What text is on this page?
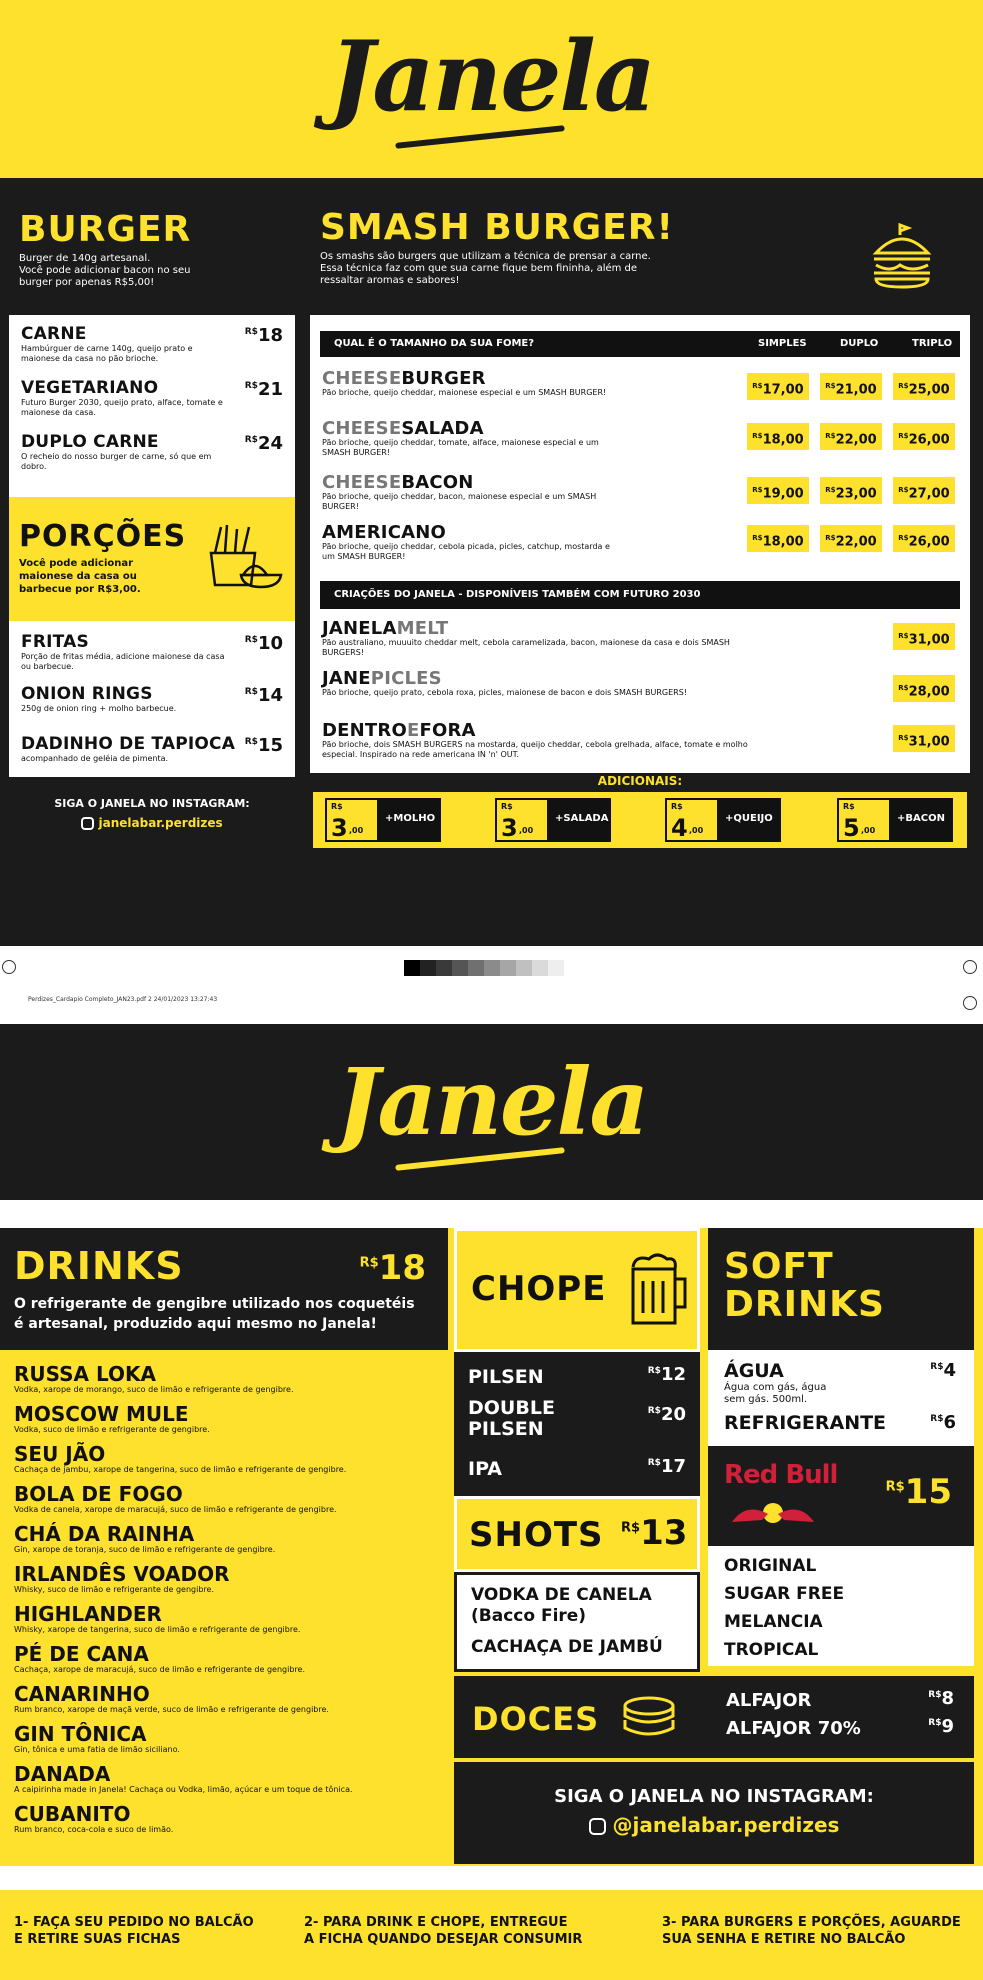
Janela
BURGER
Burger de 140g artesanal.
Você pode adicionar bacon no seu burger por apenas R$5,00!
CARNE
Hambúrguer de carne 140g, queijo prato e maionese da casa no pão brioche.
$^{R\$}$18
VEGETARIANO
Futuro Burger 2030, queijo prato, alface, tomate e maionese da casa.
$^{R\$}$21
DUPLO CARNE
O recheio do nosso burger de carne, só que em dobro.
$^{R\$}$24
PORÇÕES
Você pode adicionar maionese da casa ou barbecue por R$3,00.
FRITAS
Porção de fritas média, adicione maionese da casa ou barbecue.
$^{R\$}$10
ONION RINGS
250g de onion ring + molho barbecue.
$^{R\$}$14
DADINHO DE TAPIOCA
acompanhado de geléia de pimenta.
$^{R\$}$15
SIGA O JANELA NO INSTAGRAM:
janelabar.perdizes
SMASH BURGER!
Os smashs são burgers que utilizam a técnica de prensar a carne. Essa técnica faz com que sua carne fique bem fininha, além de ressaltar aromas e sabores!
QUAL É O TAMANHO DA SUA FOME?	SIMPLES	DUPLO	TRIPLO
CHEESEBURGER
Pão brioche, queijo cheddar, maionese especial e um SMASH BURGER!
$^{R\$}$17,00	$^{R\$}$21,00	$^{R\$}$25,00
CHEESESALADA
Pão brioche, queijo cheddar, tomate, alface, maionese especial e um SMASH BURGER!
$^{R\$}$18,00	$^{R\$}$22,00	$^{R\$}$26,00
CHEESEBACON
Pão brioche, queijo cheddar, bacon, maionese especial e um SMASH BURGER!
$^{R\$}$19,00	$^{R\$}$23,00	$^{R\$}$27,00
AMERICANO
Pão brioche, queijo cheddar, cebola picada, picles, catchup, mostarda e um SMASH BURGER!
$^{R\$}$18,00	$^{R\$}$22,00	$^{R\$}$26,00
CRIAÇÕES DO JANELA - DISPONÍVEIS TAMBÉM COM FUTURO 2030
JANELAMELT
Pão australiano, muuuito cheddar melt, cebola caramelizada, bacon, maionese da casa e dois SMASH BURGERS!
$^{R\$}$31,00
JANEPICLES
Pão brioche, queijo prato, cebola roxa, picles, maionese de bacon e dois SMASH BURGERS!	$^{R\$}$28,00
DENTROEFORA
Pão brioche, dois SMASH BURGERS na mostarda, queijo cheddar, cebola grelhada, alface, tomate e molho especial. Inspirado na rede americana IN 'n' OUT.
$^{R\$}$31,00
ADICIONAIS:
R$
3 ,00
+MOLHO
R$
3 ,00
+SALADA
R$
4 ,00
+QUEIJO
R$
5 ,00
+BACON
Perdizes_Cardapio Completo_JAN23.pdf 2 24/01/2023 13:27:43
Janela
DRINKS	$^{R\$}$18
O refrigerante de gengibre utilizado nos coquetéis é artesanal, produzido aqui mesmo no Janela!
RUSSA LOKA
Vodka, xarope de morango, suco de limão e refrigerante de gengibre.
MOSCOW MULE
Vodka, suco de limão e refrigerante de gengibre.
SEU JÃO
Cachaça de jambu, xarope de tangerina, suco de limão e refrigerante de gengibre.
BOLA DE FOGO
Vodka de canela, xarope de maracujá, suco de limão e refrigerante de gengibre.
CHÁ DA RAINHA
Gin, xarope de toranja, suco de limão e refrigerante de gengibre.
IRLANDÊS VOADOR
Whisky, suco de limão e refrigerante de gengibre.
HIGHLANDER
Whisky, xarope de tangerina, suco de limão e refrigerante de gengibre.
PÉ DE CANA
Cachaça, xarope de maracujá, suco de limão e refrigerante de gengibre.
CANARINHO
Rum branco, xarope de maçã verde, suco de limão e refrigerante de gengibre.
GIN TÔNICA
Gin, tônica e uma fatia de limão siciliano.
DANADA
A caipirinha made in Janela! Cachaça ou Vodka, limão, açúcar e um toque de tônica.
CUBANITO
Rum branco, coca-cola e suco de limão.
CHOPE
PILSEN	$^{R\$}$12
DOUBLE PILSEN
$^{R\$}$20
IPA	$^{R\$}$17
SHOTS $^{R\$}$13
VODKA DE CANELA (Bacco Fire)
CACHAÇA DE JAMBÚ
SOFT
DRINKS
ÁGUA
Água com gás, água sem gás. 500ml.
$^{R\$}$4
REFRIGERANTE	$^{R\$}$6
Red Bull	$^{R\$}$15
ORIGINAL
SUGAR FREE
MELANCIA
TROPICAL
DOCES	ALFAJOR	$^{R\$}$8
ALFAJOR 70%	$^{R\$}$9
SIGA O JANELA NO INSTAGRAM:
@janelabar.perdizes
1- FAÇA SEU PEDIDO NO BALCÃO
E RETIRE SUAS FICHAS
2- PARA DRINK E CHOPE, ENTREGUE
A FICHA QUANDO DESEJAR CONSUMIR
3- PARA BURGERS E PORÇÕES, AGUARDE
SUA SENHA E RETIRE NO BALCÃO
